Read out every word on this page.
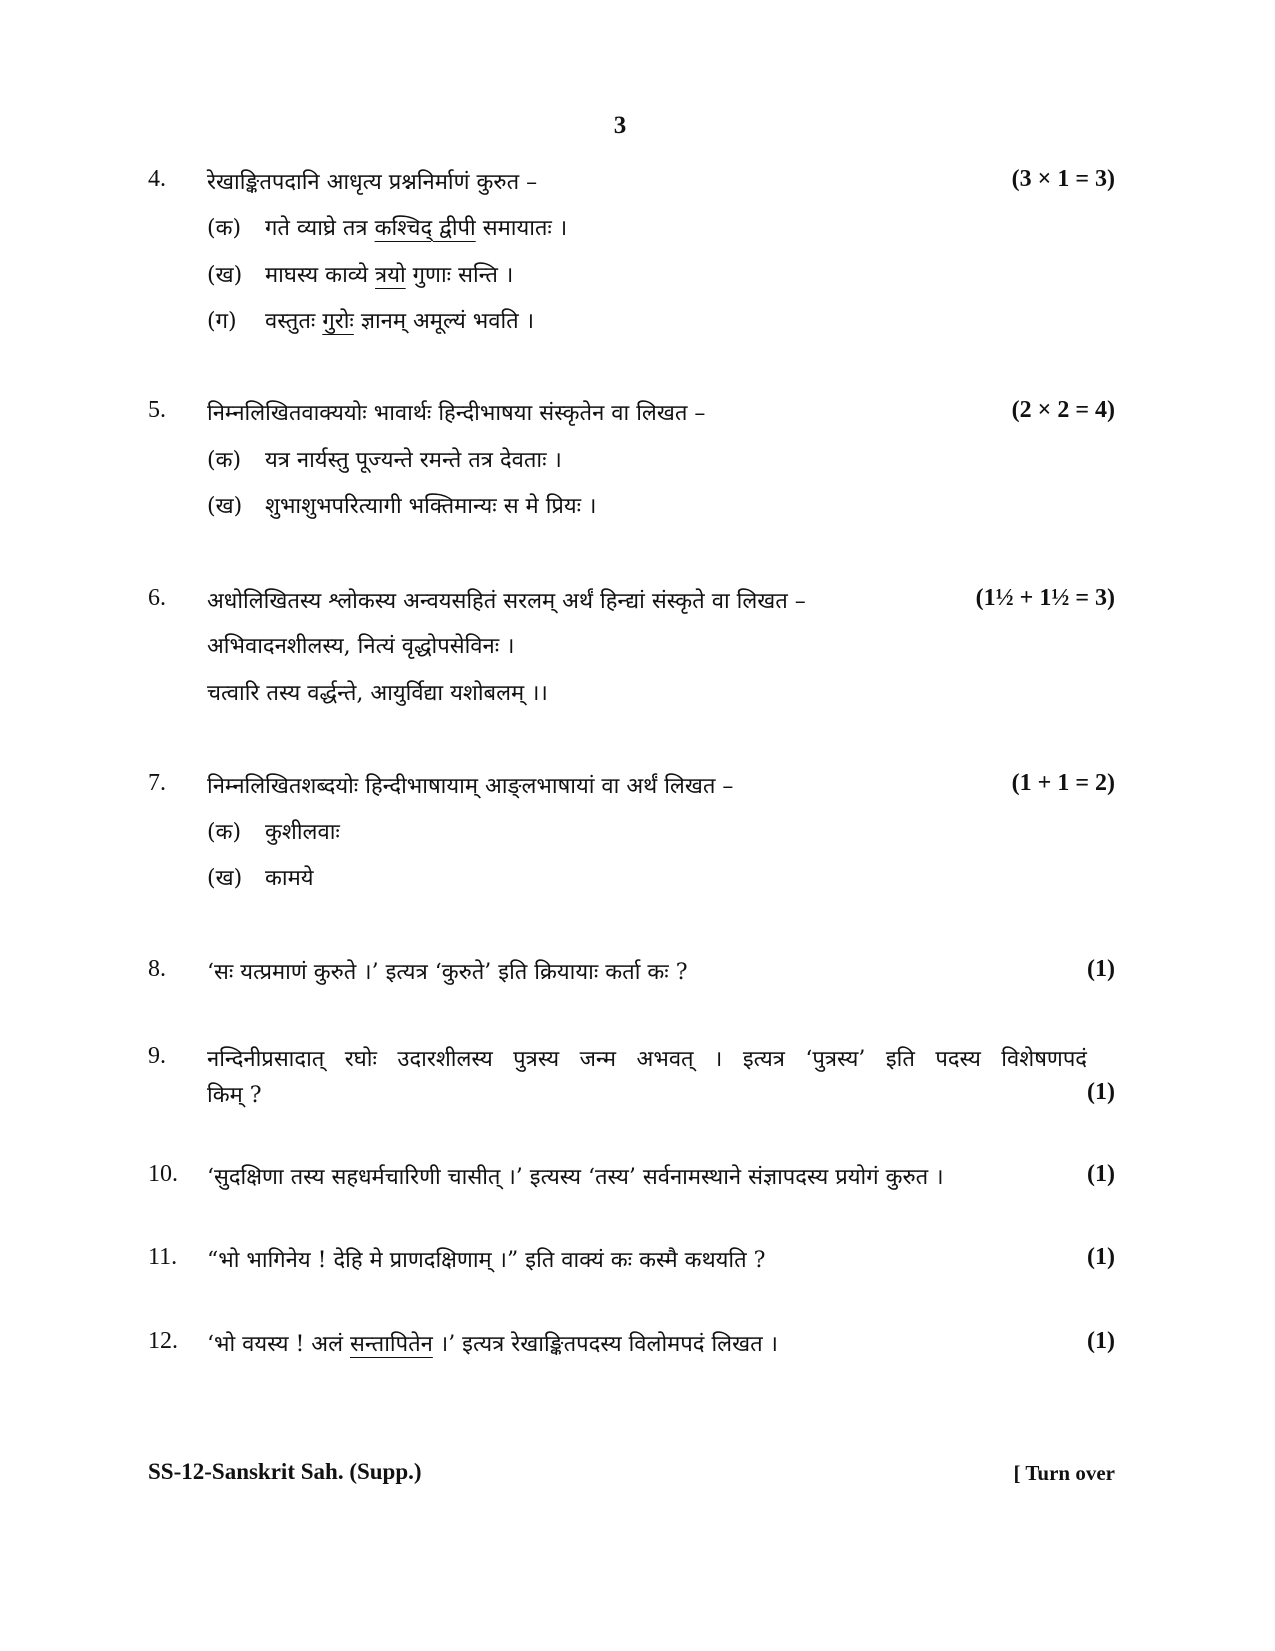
3
4. रेखाङ्कितपदानि आधृत्य प्रश्ननिर्माणं कुरुत –	(3 × 1 = 3)
(क) गते व्याघ्रे तत्र कश्चिद् द्वीपी समायातः ।
(ख) माघस्य काव्ये त्रयो गुणाः सन्ति ।
(ग) वस्तुतः गुरोः ज्ञानम् अमूल्यं भवति ।
5. निम्नलिखितवाक्ययोः भावार्थः हिन्दीभाषया संस्कृतेन वा लिखत –	(2 × 2 = 4)
(क) यत्र नार्यस्तु पूज्यन्ते रमन्ते तत्र देवताः ।
(ख) शुभाशुभपरित्यागी भक्तिमान्यः स मे प्रियः ।
6. अधोलिखितस्य श्लोकस्य अन्वयसहितं सरलम् अर्थं हिन्द्यां संस्कृते वा लिखत –	(1½ + 1½ = 3)
अभिवादनशीलस्य, नित्यं वृद्धोपसेविनः ।
चत्वारि तस्य वर्द्धन्ते, आयुर्विद्या यशोबलम् ।।
7. निम्नलिखितशब्दयोः हिन्दीभाषायाम् आङ्लभाषायां वा अर्थं लिखत –	(1 + 1 = 2)
(क) कुशीलवाः
(ख) कामये
8. ‘सः यत्प्रमाणं कुरुते ।’ इत्यत्र ‘कुरुते’ इति क्रियायाः कर्ता कः ?	(1)
9. नन्दिनीप्रसादात् रघोः उदारशीलस्य पुत्रस्य जन्म अभवत् । इत्यत्र ‘पुत्रस्य’ इति पदस्य विशेषणपदं
किम् ?	(1)
10. ‘सुदक्षिणा तस्य सहधर्मचारिणी चासीत् ।’ इत्यस्य ‘तस्य’ सर्वनामस्थाने संज्ञापदस्य प्रयोगं कुरुत ।	(1)
11. “भो भागिनेय ! देहि मे प्राणदक्षिणाम् ।” इति वाक्यं कः कस्मै कथयति ?	(1)
12. ‘भो वयस्य ! अलं सन्तापितेन ।’ इत्यत्र रेखाङ्कितपदस्य विलोमपदं लिखत ।	(1)
SS-12-Sanskrit Sah. (Supp.)	[ Turn over
